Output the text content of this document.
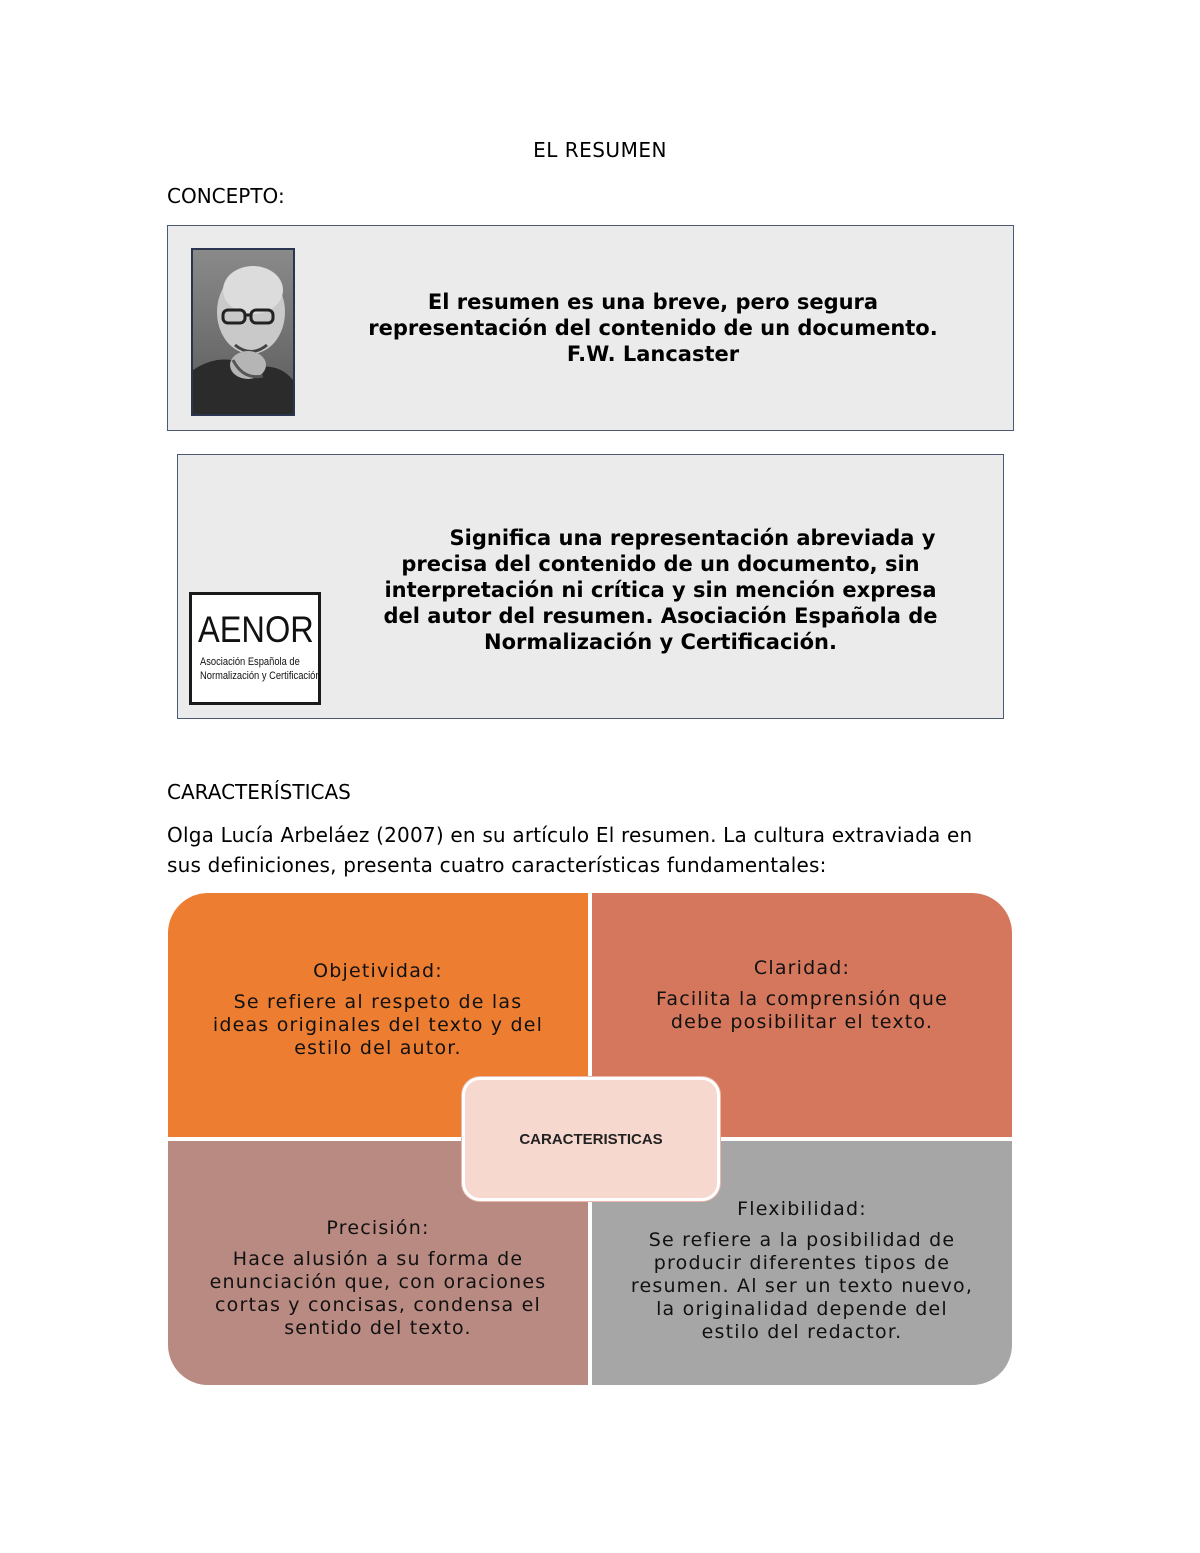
EL RESUMEN
CONCEPTO:
El resumen es una breve, pero segura
representación del contenido de un documento.
F.W. Lancaster
AENOR
Asociación Española de
Normalización y Certificación
Significa una representación abreviada y
precisa del contenido de un documento, sin
interpretación ni crítica y sin mención expresa
del autor del resumen. Asociación Española de
Normalización y Certificación.
CARACTERÍSTICAS
Olga Lucía Arbeláez (2007) en su artículo El resumen. La cultura extraviada en
sus definiciones, presenta cuatro características fundamentales:
Objetividad:
Se refiere al respeto de las
ideas originales del texto y del
estilo del autor.
Claridad:
Facilita la comprensión que
debe posibilitar el texto.
Precisión:
Hace alusión a su forma de
enunciación que, con oraciones
cortas y concisas, condensa el
sentido del texto.
Flexibilidad:
Se refiere a la posibilidad de
producir diferentes tipos de
resumen. Al ser un texto nuevo,
la originalidad depende del
estilo del redactor.
CARACTERISTICAS
